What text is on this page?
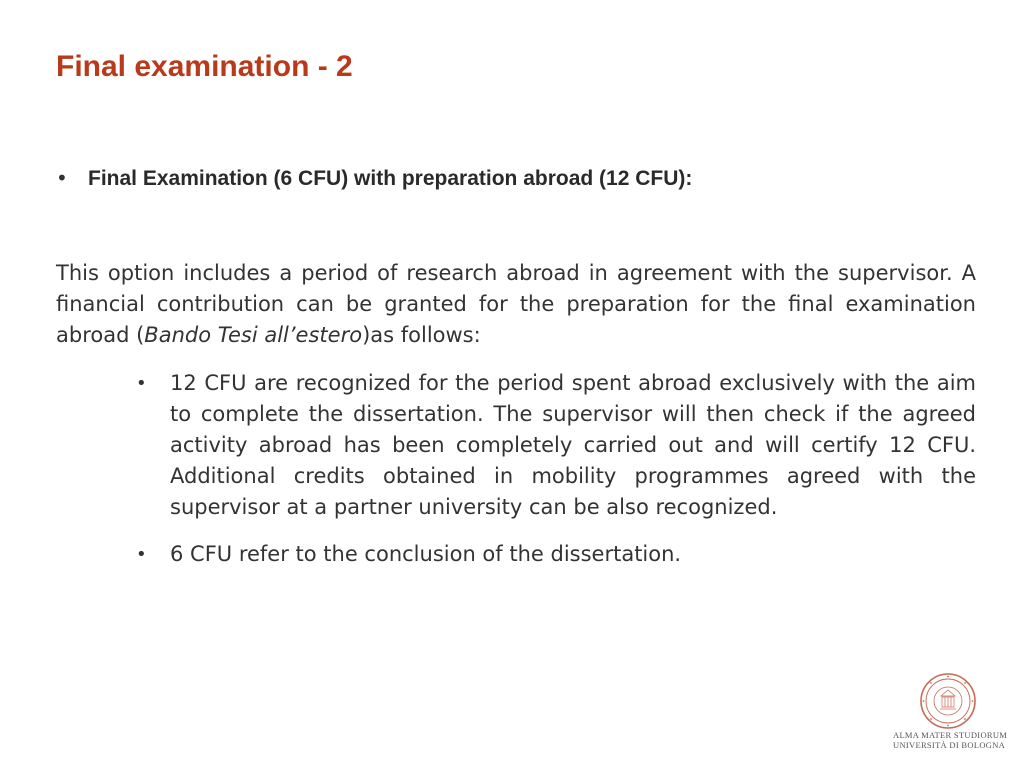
Final examination - 2
• Final Examination (6 CFU) with preparation abroad (12 CFU):

This option includes a period of research abroad in agreement with the supervisor. A financial contribution can be granted for the preparation for the final examination abroad (Bando Tesi all’estero)as follows:

•	12 CFU are recognized for the period spent abroad exclusively with the aim to complete the dissertation. The supervisor will then check if the agreed activity abroad has been completely carried out and will certify 12 CFU. Additional credits obtained in mobility programmes agreed with the supervisor at a partner university can be also recognized.
•	6 CFU refer to the conclusion of the dissertation.
ALMA MATER STUDIORUM
UNIVERSITÀ DI BOLOGNA
